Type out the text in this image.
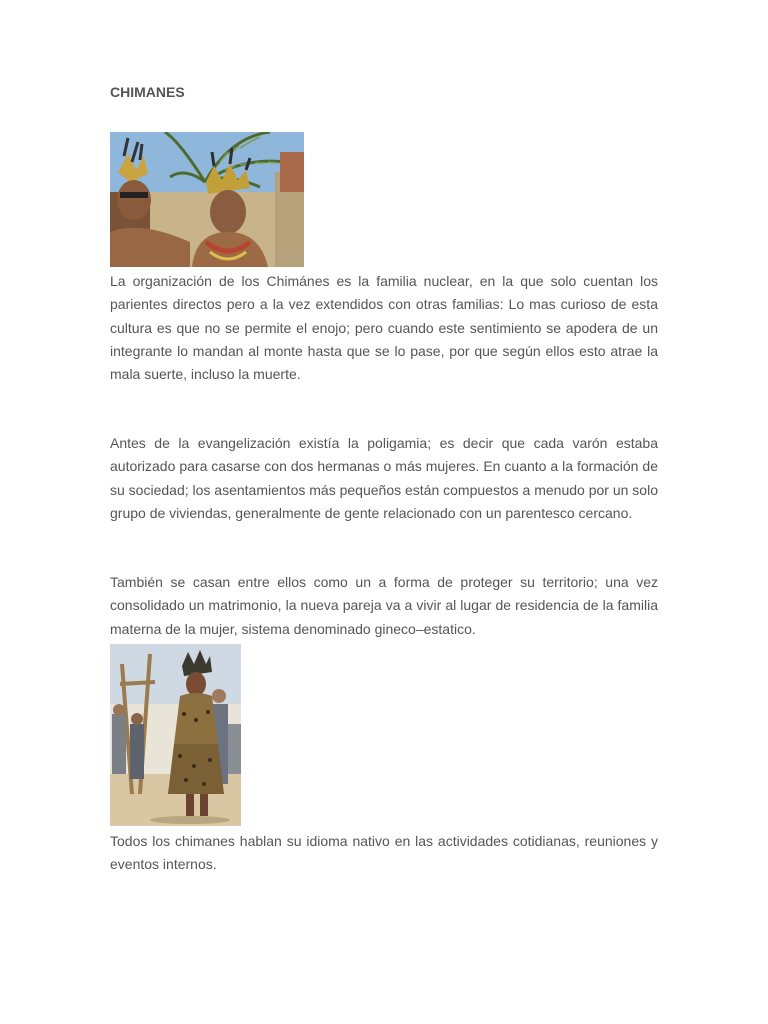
CHIMANES

La organización de los Chimánes es la familia nuclear, en la que solo cuentan los parientes directos pero a la vez extendidos con otras familias: Lo mas curioso de esta cultura es que no se permite el enojo; pero cuando este sentimiento se apodera de un integrante lo mandan al monte hasta que se lo pase, por que según ellos esto atrae la mala suerte, incluso la muerte.

Antes de la evangelización existía la poligamia; es decir que cada varón estaba autorizado para casarse con dos hermanas o más mujeres. En cuanto a la formación de su sociedad; los asentamientos más pequeños están compuestos a menudo por un solo grupo de viviendas, generalmente de gente relacionado con un parentesco cercano.

También se casan entre ellos como un a forma de proteger su territorio; una vez consolidado un matrimonio, la nueva pareja va a vivir al lugar de residencia de la familia materna de la mujer, sistema denominado gineco–estatico.

Todos los chimanes hablan su idioma nativo en las actividades cotidianas, reuniones y eventos internos.
